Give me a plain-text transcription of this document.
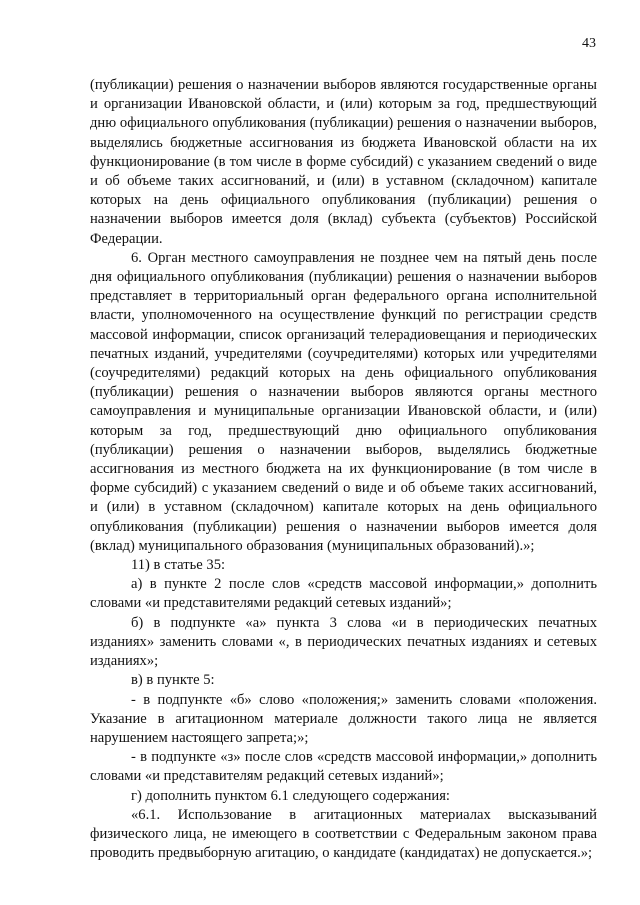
43

(публикации) решения о назначении выборов являются государственные органы и организации Ивановской области, и (или) которым за год, предшествующий дню официального опубликования (публикации) решения о назначении выборов, выделялись бюджетные ассигнования из бюджета Ивановской области на их функционирование (в том числе в форме субсидий) с указанием сведений о виде и об объеме таких ассигнований, и (или) в уставном (складочном) капитале которых на день официального опубликования (публикации) решения о назначении выборов имеется доля (вклад) субъекта (субъектов) Российской Федерации.

6. Орган местного самоуправления не позднее чем на пятый день после дня официального опубликования (публикации) решения о назначении выборов представляет в территориальный орган федерального органа исполнительной власти, уполномоченного на осуществление функций по регистрации средств массовой информации, список организаций телерадиовещания и периодических печатных изданий, учредителями (соучредителями) которых или учредителями (соучредителями) редакций которых на день официального опубликования (публикации) решения о назначении выборов являются органы местного самоуправления и муниципальные организации Ивановской области, и (или) которым за год, предшествующий дню официального опубликования (публикации) решения о назначении выборов, выделялись бюджетные ассигнования из местного бюджета на их функционирование (в том числе в форме субсидий) с указанием сведений о виде и об объеме таких ассигнований, и (или) в уставном (складочном) капитале которых на день официального опубликования (публикации) решения о назначении выборов имеется доля (вклад) муниципального образования (муниципальных образований).»;

11) в статье 35:

а) в пункте 2 после слов «средств массовой информации,» дополнить словами «и представителями редакций сетевых изданий»;

б) в подпункте «а» пункта 3 слова «и в периодических печатных изданиях» заменить словами «, в периодических печатных изданиях и сетевых изданиях»;

в) в пункте 5:

- в подпункте «б» слово «положения;» заменить словами «положения. Указание в агитационном материале должности такого лица не является нарушением настоящего запрета;»;

- в подпункте «з» после слов «средств массовой информации,» дополнить словами «и представителям редакций сетевых изданий»;

г) дополнить пунктом 6.1 следующего содержания:

«6.1. Использование в агитационных материалах высказываний физического лица, не имеющего в соответствии с Федеральным законом права проводить предвыборную агитацию, о кандидате (кандидатах) не допускается.»;
